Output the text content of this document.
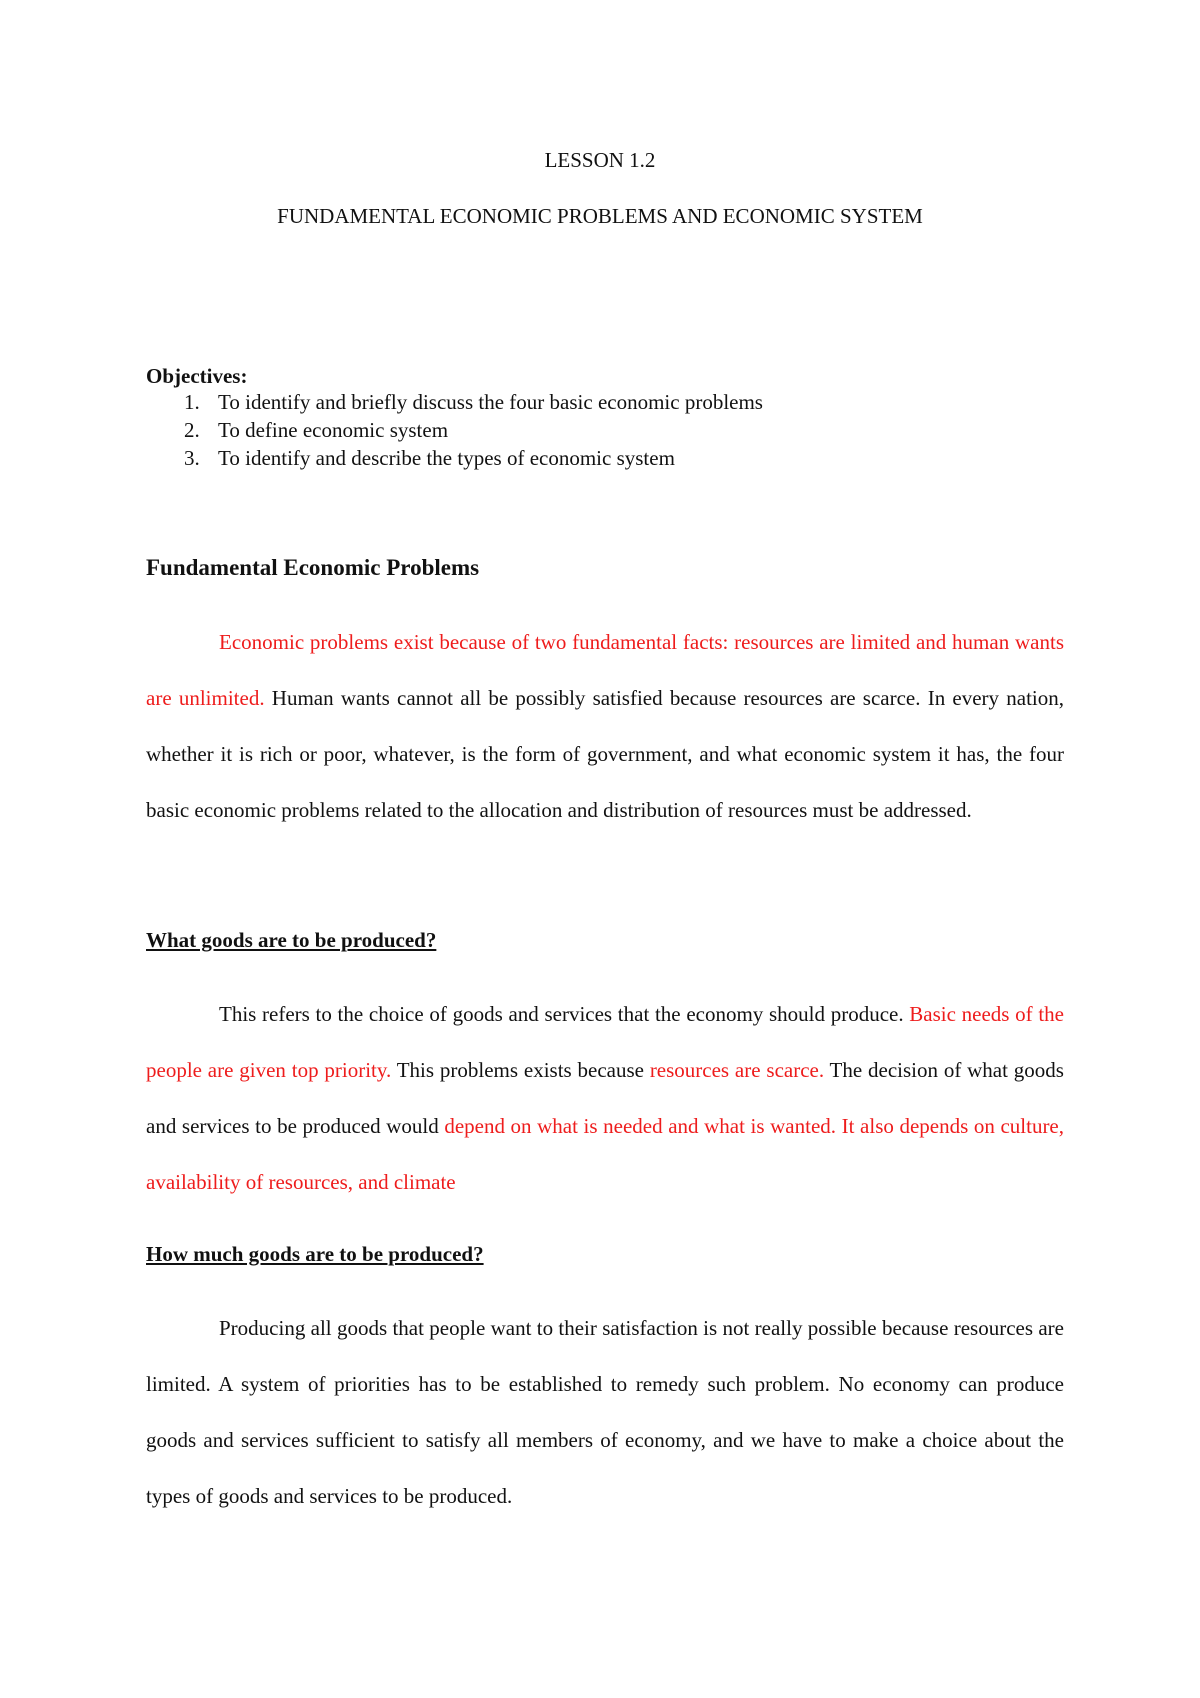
LESSON 1.2
FUNDAMENTAL ECONOMIC PROBLEMS AND ECONOMIC SYSTEM
Objectives:
1. To identify and briefly discuss the four basic economic problems
2. To define economic system
3. To identify and describe the types of economic system
Fundamental Economic Problems

Economic problems exist because of two fundamental facts: resources are limited and human wants are unlimited. Human wants cannot all be possibly satisfied because resources are scarce. In every nation, whether it is rich or poor, whatever, is the form of government, and what economic system it has, the four basic economic problems related to the allocation and distribution of resources must be addressed.

What goods are to be produced?

This refers to the choice of goods and services that the economy should produce. Basic needs of the people are given top priority. This problems exists because resources are scarce. The decision of what goods and services to be produced would depend on what is needed and what is wanted. It also depends on culture, availability of resources, and climate

How much goods are to be produced?

Producing all goods that people want to their satisfaction is not really possible because resources are limited. A system of priorities has to be established to remedy such problem. No economy can produce goods and services sufficient to satisfy all members of economy, and we have to make a choice about the types of goods and services to be produced.
